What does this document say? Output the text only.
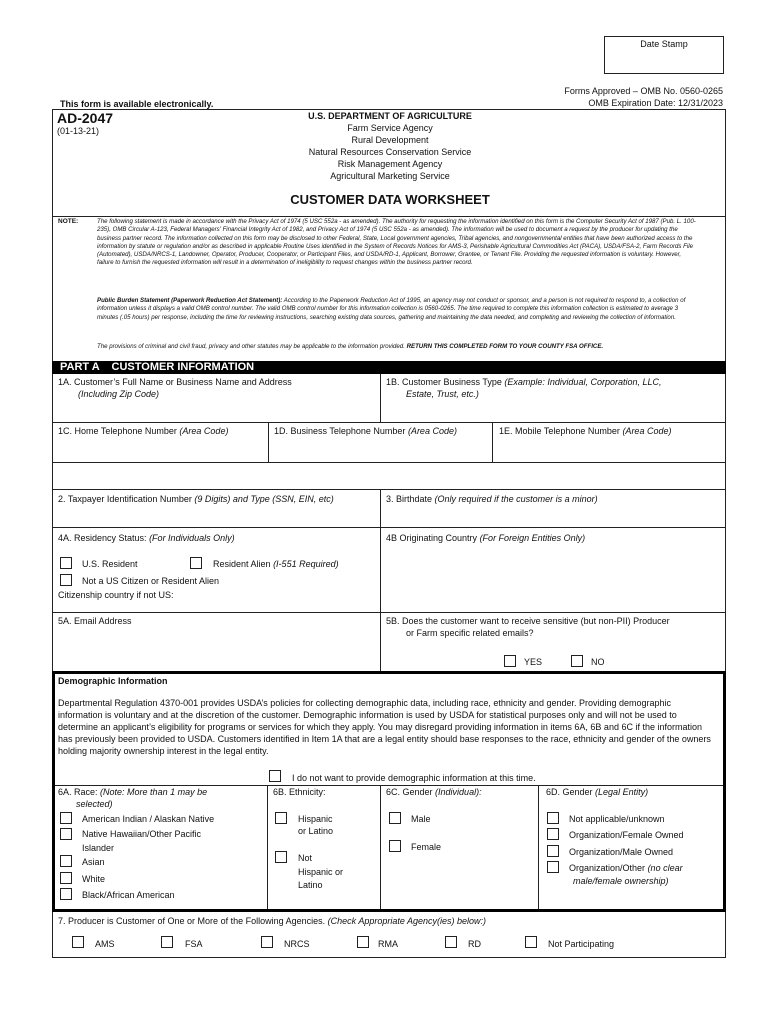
Date Stamp
Forms Approved – OMB No. 0560-0265
OMB Expiration Date: 12/31/2023
This form is available electronically.
AD-2047
(01-13-21)
U.S. DEPARTMENT OF AGRICULTURE
Farm Service Agency
Rural Development
Natural Resources Conservation Service
Risk Management Agency
Agricultural Marketing Service
CUSTOMER DATA WORKSHEET
NOTE:	The following statement is made in accordance with the Privacy Act of 1974 (5 USC 552a - as amended). The authority for requesting the information identified on this form is the Computer Security Act of 1987 (Pub. L. 100-235), OMB Circular A-123, Federal Managers' Financial Integrity Act of 1982, and Privacy Act of 1974 (5 USC 552a - as amended). The information will be used to document a request by the producer for updating the business partner record. The information collected on this form may be disclosed to other Federal, State, Local government agencies, Tribal agencies, and nongovernmental entities that have been authorized access to the information by statute or regulation and/or as described in applicable Routine Uses identified in the System of Records Notices for AMS-3, Perishable Agricultural Commodities Act (PACA), USDA/FSA-2, Farm Records File (Automated), USDA/NRCS-1, Landowner, Operator, Producer, Cooperator, or Participant Files, and USDA/RD-1, Applicant, Borrower, Grantee, or Tenant File. Providing the requested information is voluntary. However, failure to furnish the requested information will result in a determination of ineligibility to request changes within the business partner record.
Public Burden Statement (Paperwork Reduction Act Statement): According to the Paperwork Reduction Act of 1995, an agency may not conduct or sponsor, and a person is not required to respond to, a collection of information unless it displays a valid OMB control number. The valid OMB control number for this information collection is 0560-0265. The time required to complete this information collection is estimated to average 3 minutes (.05 hours) per response, including the time for reviewing instructions, searching existing data sources, gathering and maintaining the data needed, and completing and reviewing the collection of information.
The provisions of criminal and civil fraud, privacy and other statutes may be applicable to the information provided. RETURN THIS COMPLETED FORM TO YOUR COUNTY FSA OFFICE.
PART A    CUSTOMER INFORMATION
1A. Customer’s Full Name or Business Name and Address
(Including Zip Code)
1B. Customer Business Type (Example: Individual, Corporation, LLC,
Estate, Trust, etc.)
1C. Home Telephone Number (Area Code)	1D. Business Telephone Number (Area Code)	1E. Mobile Telephone Number (Area Code)
2. Taxpayer Identification Number (9 Digits) and Type (SSN, EIN, etc)	3. Birthdate (Only required if the customer is a minor)
4A. Residency Status: (For Individuals Only)
U.S. Resident	Resident Alien (I-551 Required)
Not a US Citizen or Resident Alien
Citizenship country if not US:
4B Originating Country (For Foreign Entities Only)
5A. Email Address	5B. Does the customer want to receive sensitive (but non-PII) Producer
or Farm specific related emails?
YES	NO
Demographic Information
Departmental Regulation 4370-001 provides USDA’s policies for collecting demographic data, including race, ethnicity and gender. Providing demographic information is voluntary and at the discretion of the customer. Demographic information is used by USDA for statistical purposes only and will not be used to determine an applicant’s eligibility for programs or services for which they apply. You may disregard providing information in items 6A, 6B and 6C if the information has previously been provided to USDA. Customers identified in Item 1A that are a legal entity should base responses to the race, ethnicity and gender of the owners holding majority ownership interest in the legal entity.
I do not want to provide demographic information at this time.
6A. Race: (Note: More than 1 may be
selected)
American Indian / Alaskan Native
Native Hawaiian/Other Pacific
Islander
Asian
White
Black/African American
6B. Ethnicity:
Hispanic
or Latino
Not
Hispanic or
Latino
6C. Gender (Individual):
Male
Female
6D. Gender (Legal Entity)
Not applicable/unknown
Organization/Female Owned
Organization/Male Owned
Organization/Other (no clear
male/female ownership)
7. Producer is Customer of One or More of the Following Agencies. (Check Appropriate Agency(ies) below:)
AMS	FSA	NRCS	RMA	RD	Not Participating
